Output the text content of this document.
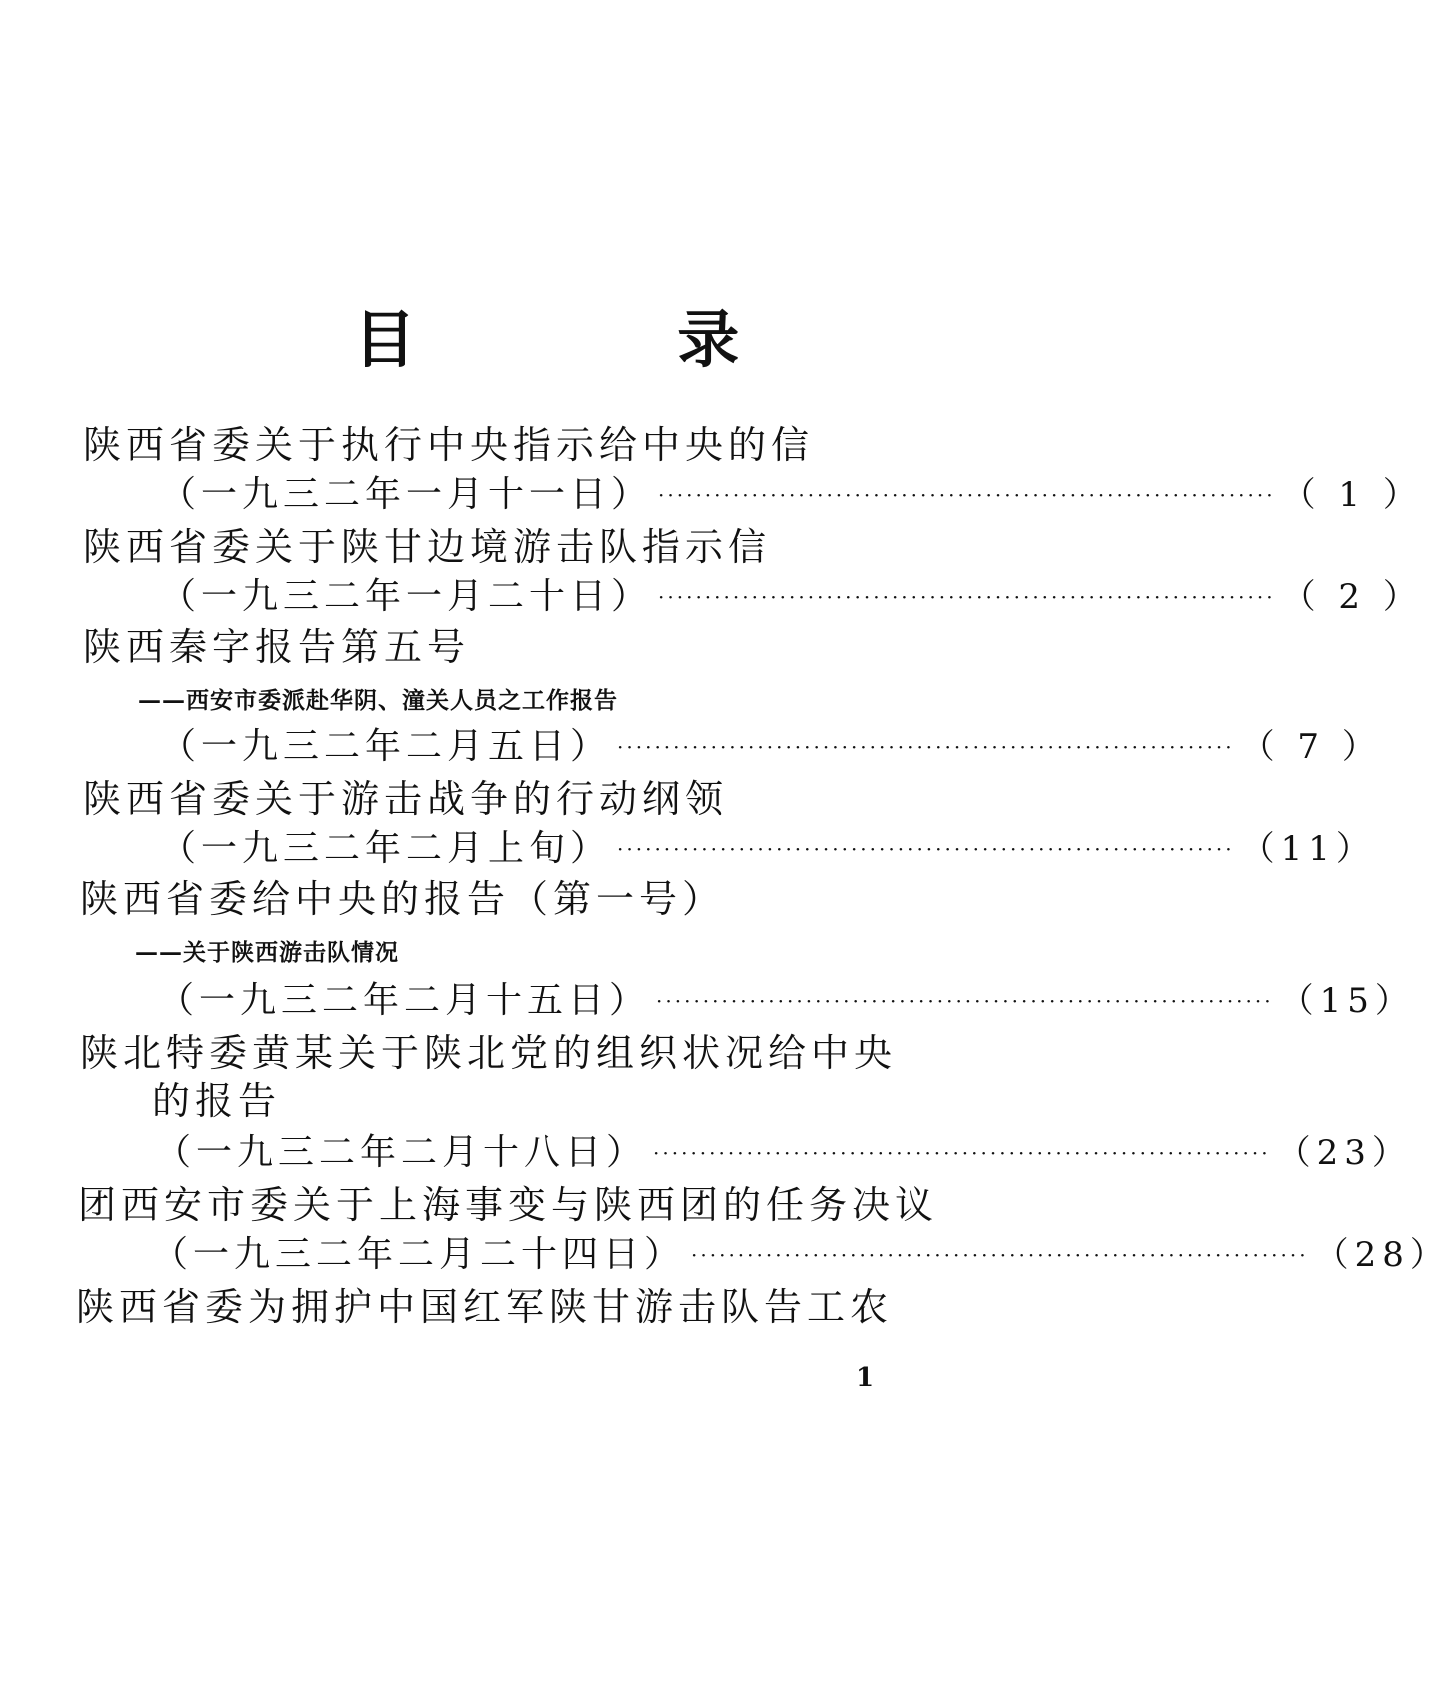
目 录
陕西省委关于执行中央指示给中央的信
（一九三二年一月十一日） ·································································· （ 1 ）
陕西省委关于陕甘边境游击队指示信
（一九三二年一月二十日） ·································································· （ 2 ）
陕西秦字报告第五号
——西安市委派赴华阴、潼关人员之工作报告
（一九三二年二月五日） ·································································· （ 7 ）
陕西省委关于游击战争的行动纲领
（一九三二年二月上旬） ·································································· （11）
陕西省委给中央的报告（第一号）
——关于陕西游击队情况
（一九三二年二月十五日） ·································································· （15）
陕北特委黄某关于陕北党的组织状况给中央
的报告
（一九三二年二月十八日） ·································································· （23）
团西安市委关于上海事变与陕西团的任务决议
（一九三二年二月二十四日） ·································································· （28）
陕西省委为拥护中国红军陕甘游击队告工农
1
